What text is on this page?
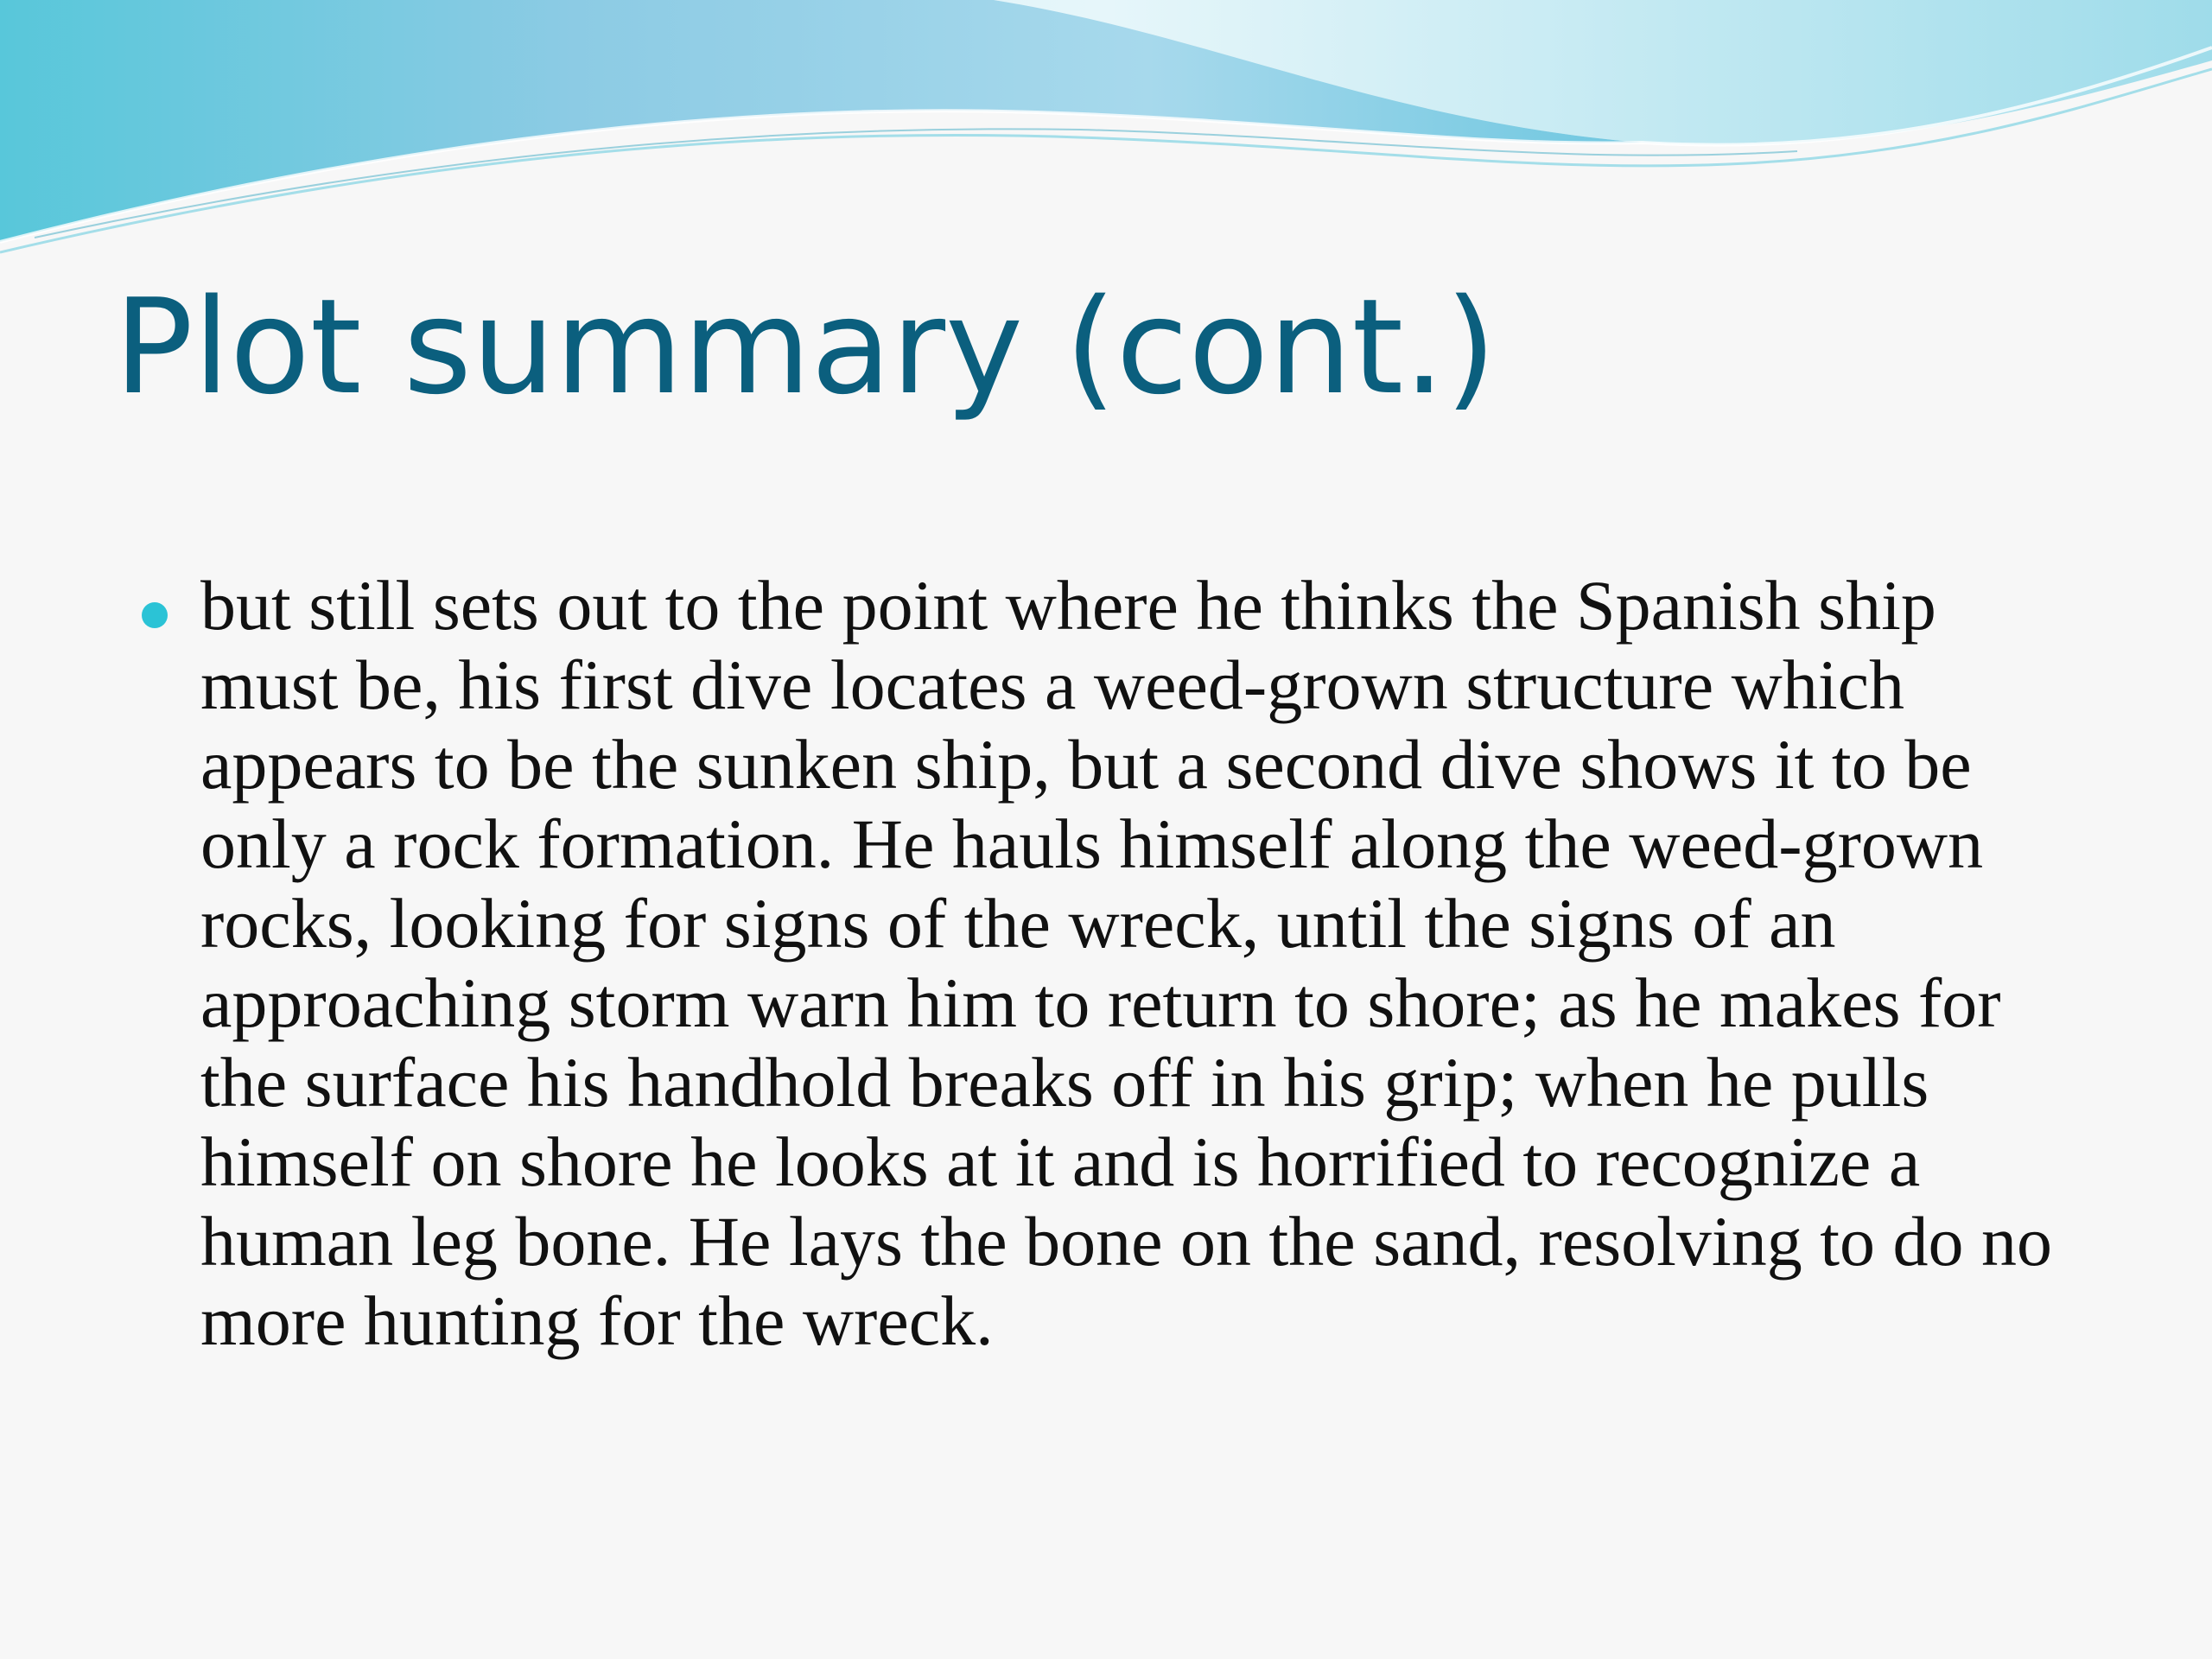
Plot summary (cont.)

but still sets out to the point where he thinks the Spanish ship must be, his first dive locates a weed-grown structure which appears to be the sunken ship, but a second dive shows it to be only a rock formation. He hauls himself along the weed-grown rocks, looking for signs of the wreck, until the signs of an approaching storm warn him to return to shore; as he makes for the surface his handhold breaks off in his grip; when he pulls himself on shore he looks at it and is horrified to recognize a human leg bone. He lays the bone on the sand, resolving to do no more hunting for the wreck.
